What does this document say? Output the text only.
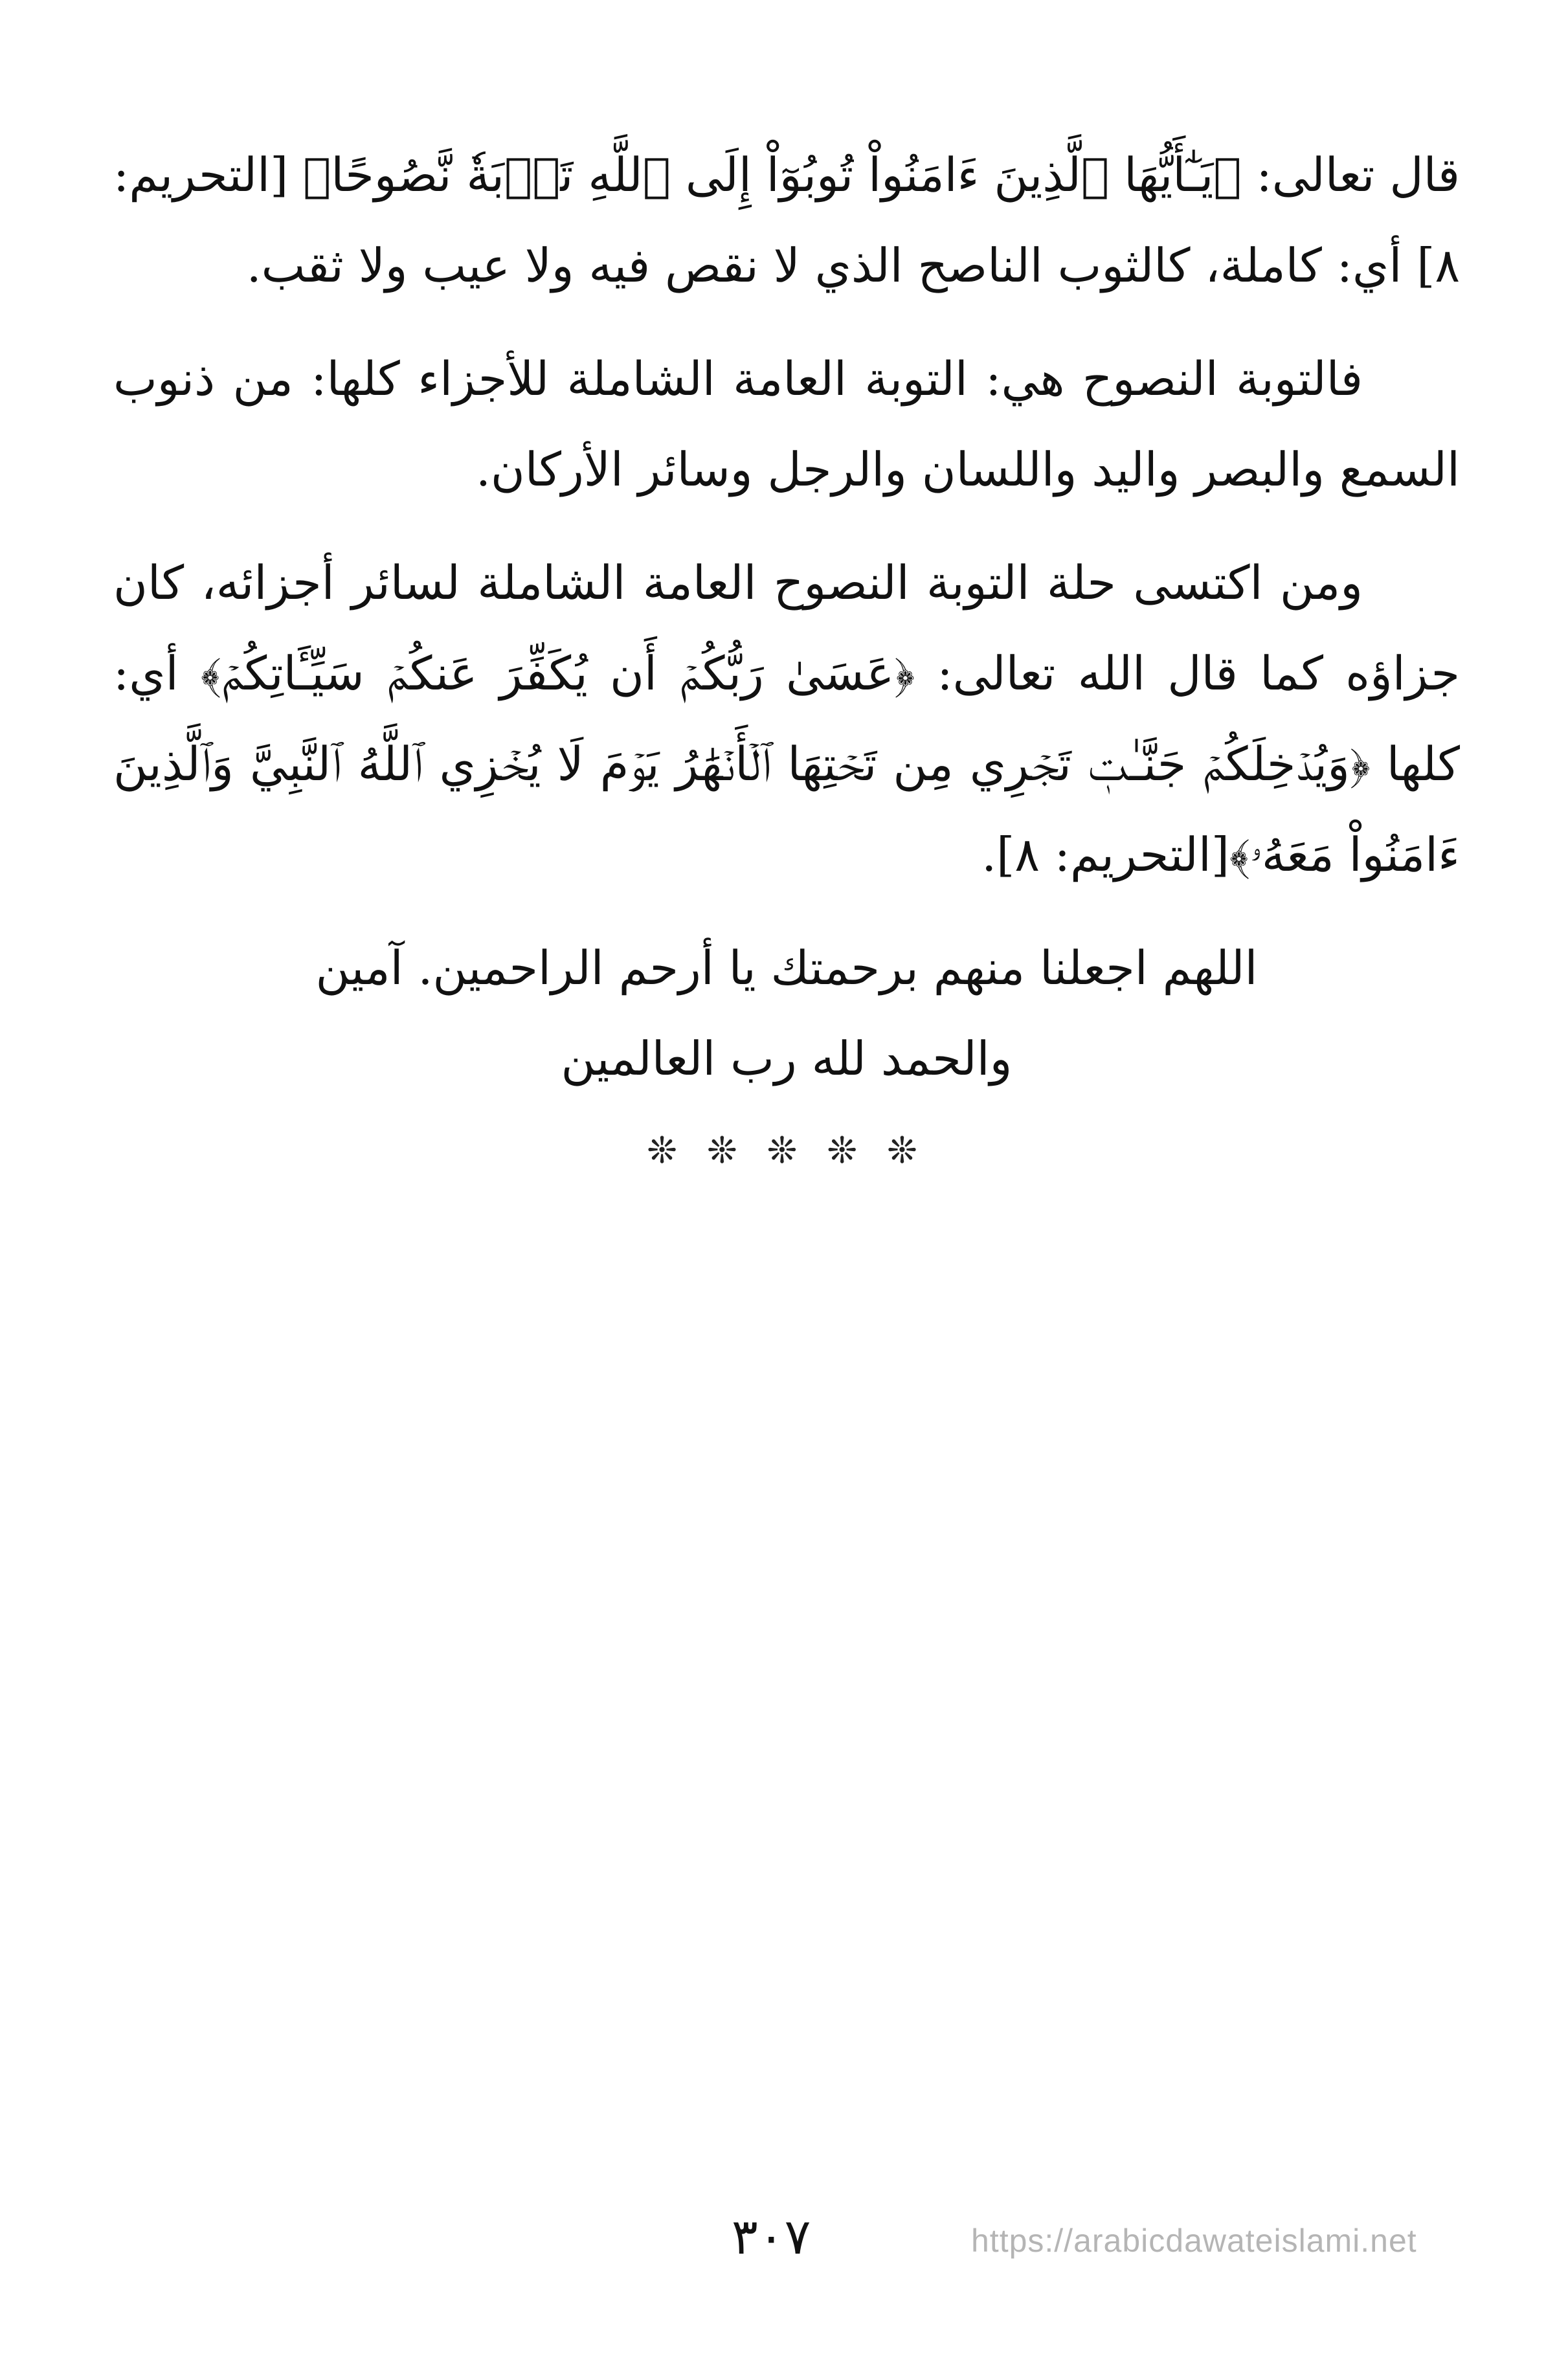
قال تعالى: ﴿يَـٰٓأَيُّهَا ٱلَّذِينَ ءَامَنُواْ تُوبُوٓاْ إِلَى ٱللَّهِ تَوۡبَةٗ نَّصُوحًا﴾ [التحريم: ٨] أي: كاملة، كالثوب الناصح الذي لا نقص فيه ولا عيب ولا ثقب.

فالتوبة النصوح هي: التوبة العامة الشاملة للأجزاء كلها: من ذنوب السمع والبصر واليد واللسان والرجل وسائر الأركان.

ومن اكتسى حلة التوبة النصوح العامة الشاملة لسائر أجزائه، كان جزاؤه كما قال الله تعالى: ﴿عَسَىٰ رَبُّكُمۡ أَن يُكَفِّرَ عَنكُمۡ سَيِّـَٔاتِكُمۡ﴾ أي: كلها ﴿وَيُدۡخِلَكُمۡ جَنَّـٰتٖ تَجۡرِي مِن تَحۡتِهَا ٱلۡأَنۡهَٰرُ يَوۡمَ لَا يُخۡزِي ٱللَّهُ ٱلنَّبِيَّ وَٱلَّذِينَ ءَامَنُواْ مَعَهُۥ﴾[التحريم: ٨].

اللهم اجعلنا منهم برحمتك يا أرحم الراحمين. آمين

والحمد لله رب العالمين

❊ ❊ ❊ ❊ ❊
٣٠٧	https://arabicdawateislami.net
